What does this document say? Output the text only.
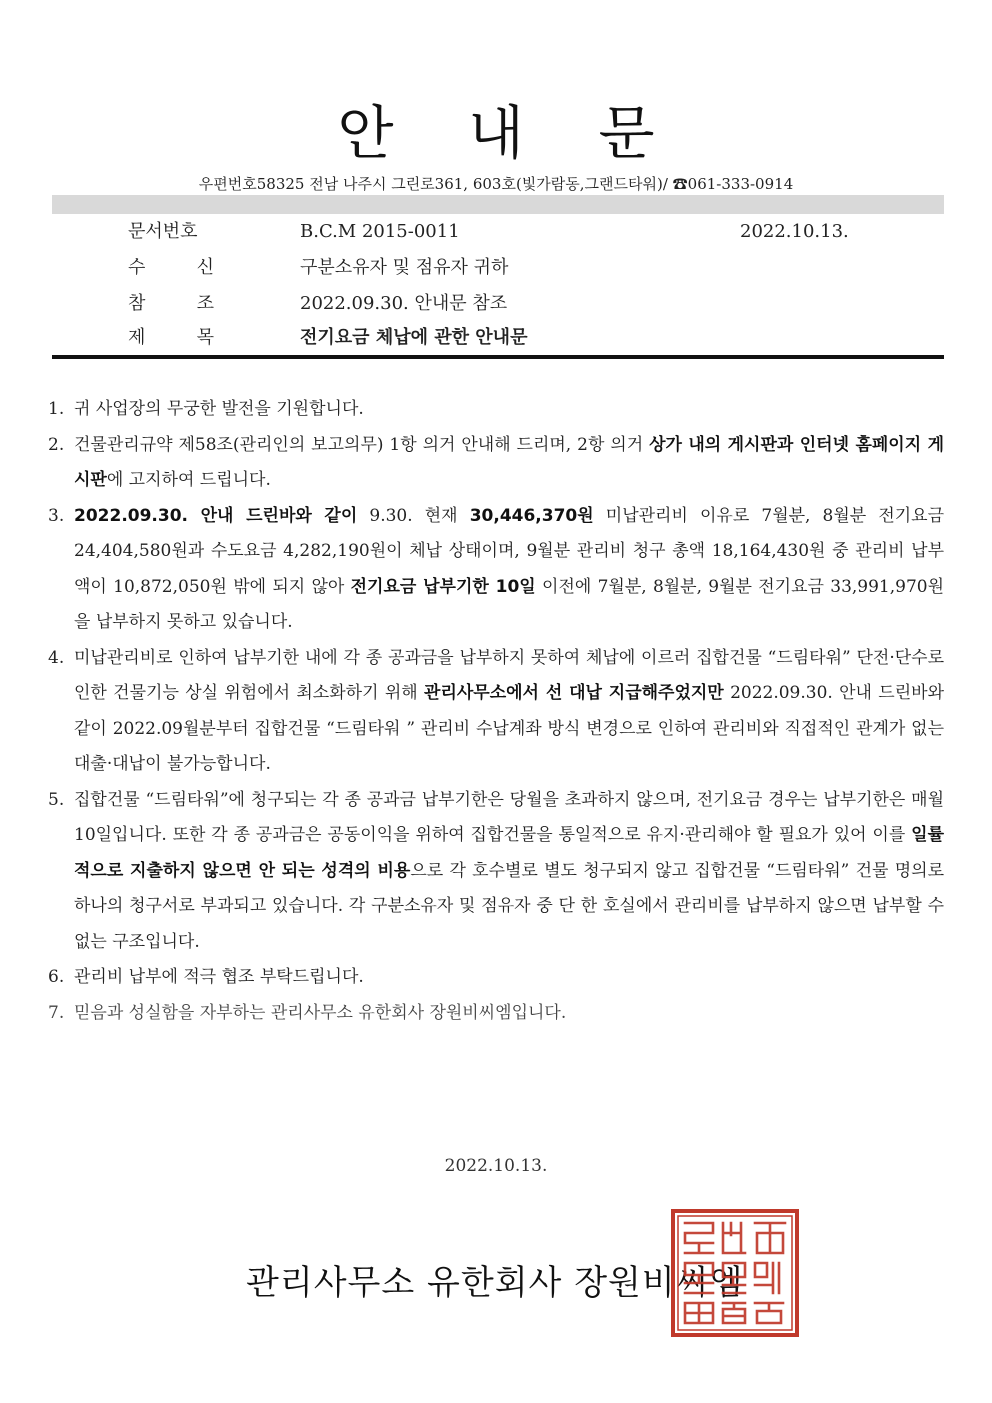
안 내 문
우편번호58325 전남 나주시 그린로361, 603호(빛가람동,그랜드타워)/ ☎061-333-0914
문서번호	B.C.M 2015-0011	2022.10.13.
수	신	구분소유자 및 점유자 귀하
참	조	2022.09.30. 안내문 참조
제	목	전기요금 체납에 관한 안내문
1. 귀 사업장의 무궁한 발전을 기원합니다.
2. 건물관리규약 제58조(관리인의 보고의무) 1항 의거 안내해 드리며, 2항 의거 상가 내의 게시판과 인터넷 홈페이지 게시판에 고지하여 드립니다.
3. 2022.09.30. 안내 드린바와 같이 9.30. 현재 30,446,370원 미납관리비 이유로 7월분, 8월분 전기요금 24,404,580원과 수도요금 4,282,190원이 체납 상태이며, 9월분 관리비 청구 총액 18,164,430원 중 관리비 납부액이 10,872,050원 밖에 되지 않아 전기요금 납부기한 10일 이전에 7월분, 8월분, 9월분 전기요금 33,991,970원을 납부하지 못하고 있습니다.
4. 미납관리비로 인하여 납부기한 내에 각 종 공과금을 납부하지 못하여 체납에 이르러 집합건물 “드림타워” 단전·단수로 인한 건물기능 상실 위험에서 최소화하기 위해 관리사무소에서 선 대납 지급해주었지만 2022.09.30. 안내 드린바와 같이 2022.09월분부터 집합건물 “드림타워 ” 관리비 수납계좌 방식 변경으로 인하여 관리비와 직접적인 관계가 없는 대출·대납이 불가능합니다.
5. 집합건물 “드림타워”에 청구되는 각 종 공과금 납부기한은 당월을 초과하지 않으며, 전기요금 경우는 납부기한은 매월 10일입니다. 또한 각 종 공과금은 공동이익을 위하여 집합건물을 통일적으로 유지·관리해야 할 필요가 있어 이를 일률적으로 지출하지 않으면 안 되는 성격의 비용으로 각 호수별로 별도 청구되지 않고 집합건물 “드림타워” 건물 명의로 하나의 청구서로 부과되고 있습니다. 각 구분소유자 및 점유자 중 단 한 호실에서 관리비를 납부하지 않으면 납부할 수 없는 구조입니다.
6. 관리비 납부에 적극 협조 부탁드립니다.
7. 믿음과 성실함을 자부하는 관리사무소 유한회사 장원비씨엠입니다.
2022.10.13.
관리사무소 유한회사 장원비씨엠
